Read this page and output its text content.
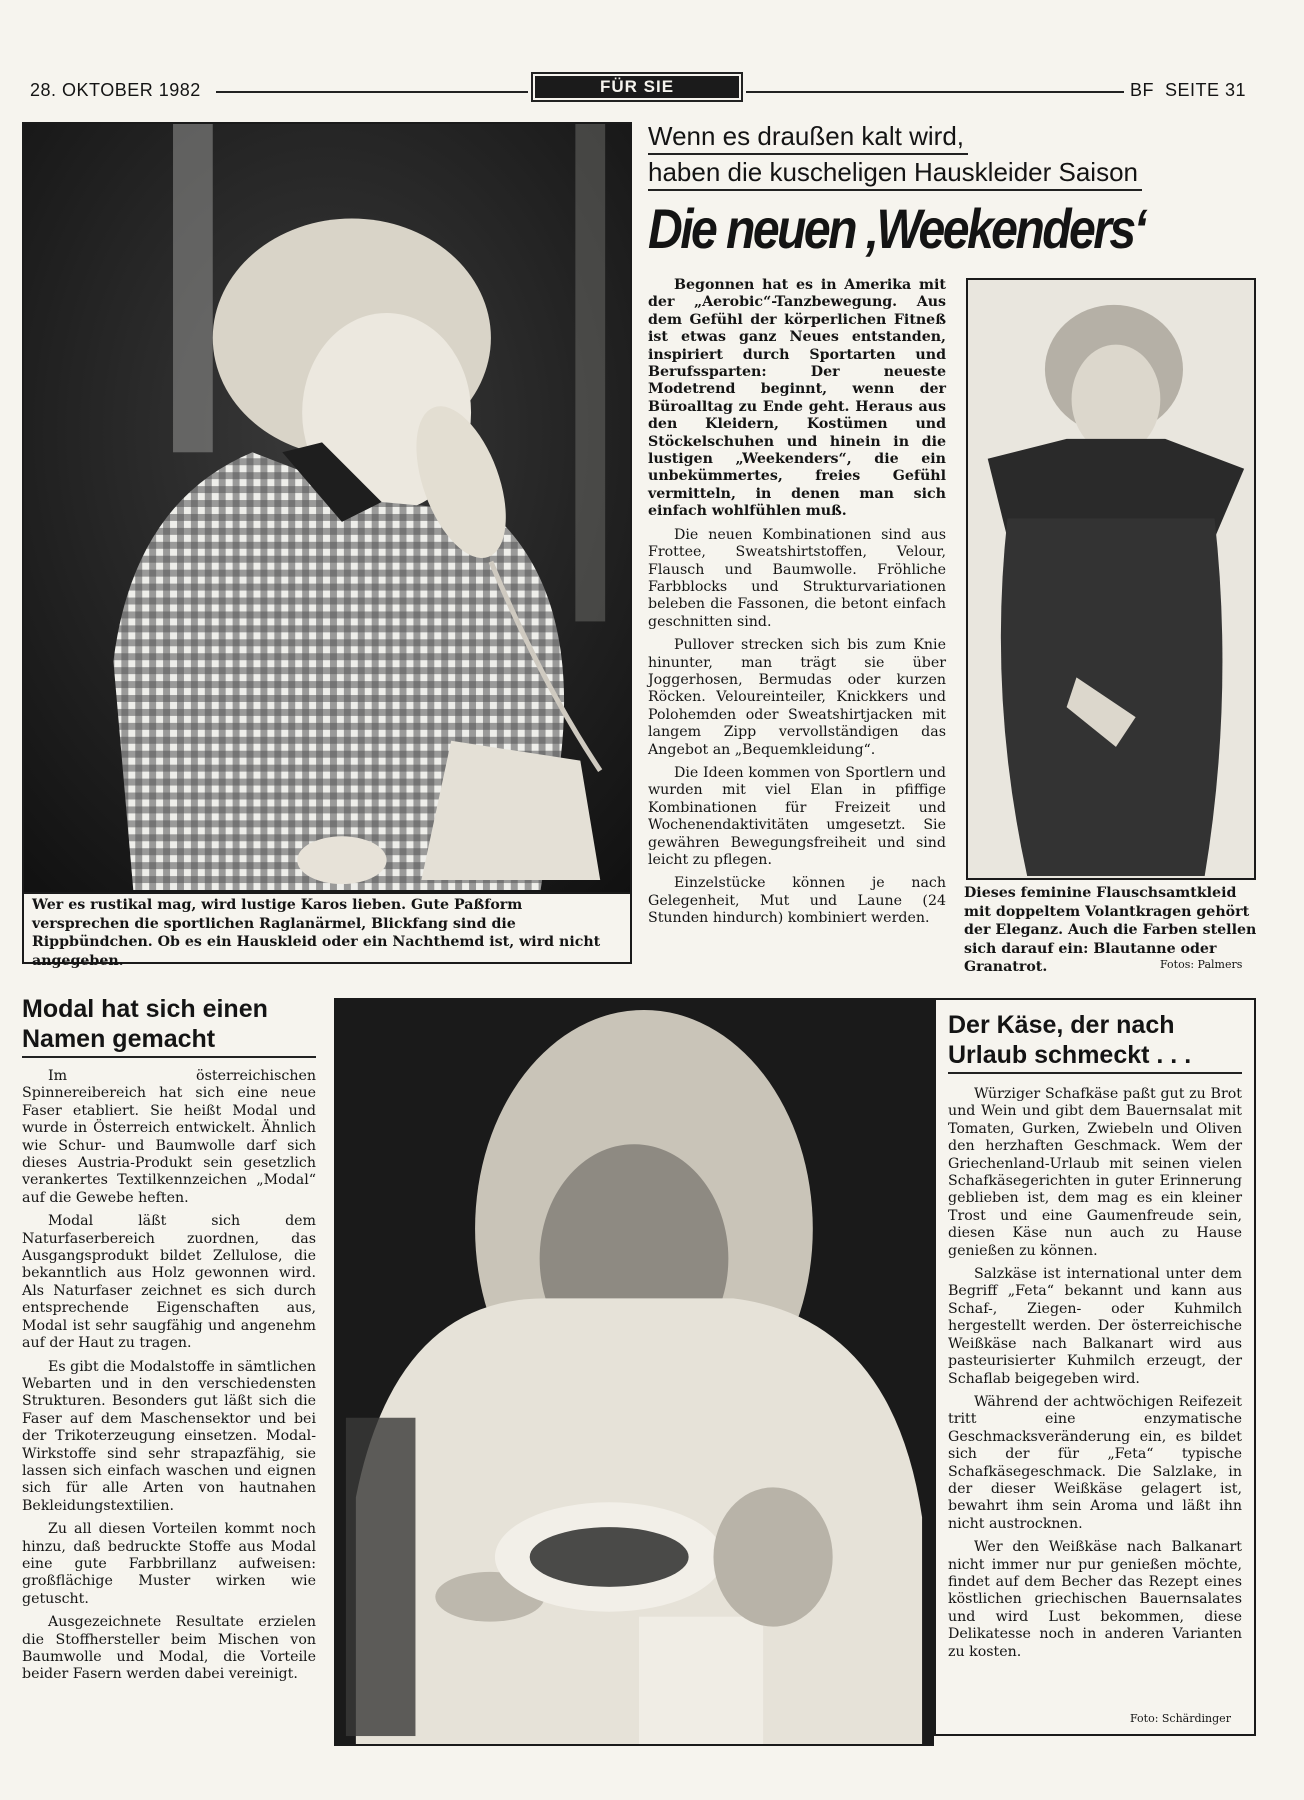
28. OKTOBER 1982	FÜR SIE	BF  SEITE 31
Wer es rustikal mag, wird lustige Karos lieben. Gute Paßform versprechen die sportlichen Raglanärmel, Blickfang sind die Rippbündchen. Ob es ein Hauskleid oder ein Nachthemd ist, wird nicht angegeben.
Wenn es draußen kalt wird,
haben die kuscheligen Hauskleider Saison
Die neuen ‚Weekenders‘

Begonnen hat es in Amerika mit der „Aerobic“-Tanzbewegung. Aus dem Gefühl der körperlichen Fitneß ist etwas ganz Neues entstanden, inspiriert durch Sportarten und Berufssparten: Der neueste Modetrend beginnt, wenn der Büroalltag zu Ende geht. Heraus aus den Kleidern, Kostümen und Stöckelschuhen und hinein in die lustigen „Weekenders“, die ein unbekümmertes, freies Gefühl vermitteln, in denen man sich einfach wohlfühlen muß.

Die neuen Kombinationen sind aus Frottee, Sweatshirtstoffen, Velour, Flausch und Baumwolle. Fröhliche Farbblocks und Strukturvariationen beleben die Fassonen, die betont einfach geschnitten sind.

Pullover strecken sich bis zum Knie hinunter, man trägt sie über Joggerhosen, Bermudas oder kurzen Röcken. Veloureinteiler, Knickkers und Polohemden oder Sweatshirtjacken mit langem Zipp vervollständigen das Angebot an „Bequemkleidung“.

Die Ideen kommen von Sportlern und wurden mit viel Elan in pfiffige Kombinationen für Freizeit und Wochenendaktivitäten umgesetzt. Sie gewähren Bewegungsfreiheit und sind leicht zu pflegen.

Einzelstücke können je nach Gelegenheit, Mut und Laune (24 Stunden hindurch) kombiniert werden.

Dieses feminine Flauschsamtkleid mit doppeltem Volantkragen gehört der Eleganz. Auch die Farben stellen sich darauf ein: Blautanne oder Granatrot.	Fotos: Palmers
Modal hat sich einen
Namen gemacht

Im österreichischen Spinnereibereich hat sich eine neue Faser etabliert. Sie heißt Modal und wurde in Österreich entwickelt. Ähnlich wie Schur- und Baumwolle darf sich dieses Austria-Produkt sein gesetzlich verankertes Textilkennzeichen „Modal“ auf die Gewebe heften.

Modal läßt sich dem Naturfaserbereich zuordnen, das Ausgangsprodukt bildet Zellulose, die bekanntlich aus Holz gewonnen wird. Als Naturfaser zeichnet es sich durch entsprechende Eigenschaften aus, Modal ist sehr saugfähig und angenehm auf der Haut zu tragen.

Es gibt die Modalstoffe in sämtlichen Webarten und in den verschiedensten Strukturen. Besonders gut läßt sich die Faser auf dem Maschensektor und bei der Trikoterzeugung einsetzen. Modal-Wirkstoffe sind sehr strapazfähig, sie lassen sich einfach waschen und eignen sich für alle Arten von hautnahen Bekleidungstextilien.

Zu all diesen Vorteilen kommt noch hinzu, daß bedruckte Stoffe aus Modal eine gute Farbbrillanz aufweisen: großflächige Muster wirken wie getuscht.

Ausgezeichnete Resultate erzielen die Stoffhersteller beim Mischen von Baumwolle und Modal, die Vorteile beider Fasern werden dabei vereinigt.

Der Käse, der nach
Urlaub schmeckt . . .

Würziger Schafkäse paßt gut zu Brot und Wein und gibt dem Bauernsalat mit Tomaten, Gurken, Zwiebeln und Oliven den herzhaften Geschmack. Wem der Griechenland-Urlaub mit seinen vielen Schafkäsegerichten in guter Erinnerung geblieben ist, dem mag es ein kleiner Trost und eine Gaumenfreude sein, diesen Käse nun auch zu Hause genießen zu können.

Salzkäse ist international unter dem Begriff „Feta“ bekannt und kann aus Schaf-, Ziegen- oder Kuhmilch hergestellt werden. Der österreichische Weißkäse nach Balkanart wird aus pasteurisierter Kuhmilch erzeugt, der Schaflab beigegeben wird.

Während der achtwöchigen Reifezeit tritt eine enzymatische Geschmacksveränderung ein, es bildet sich der für „Feta“ typische Schafkäsegeschmack. Die Salzlake, in der dieser Weißkäse gelagert ist, bewahrt ihm sein Aroma und läßt ihn nicht austrocknen.

Wer den Weißkäse nach Balkanart nicht immer nur pur genießen möchte, findet auf dem Becher das Rezept eines köstlichen griechischen Bauernsalates und wird Lust bekommen, diese Delikatesse noch in anderen Varianten zu kosten.

Foto: Schärdinger
